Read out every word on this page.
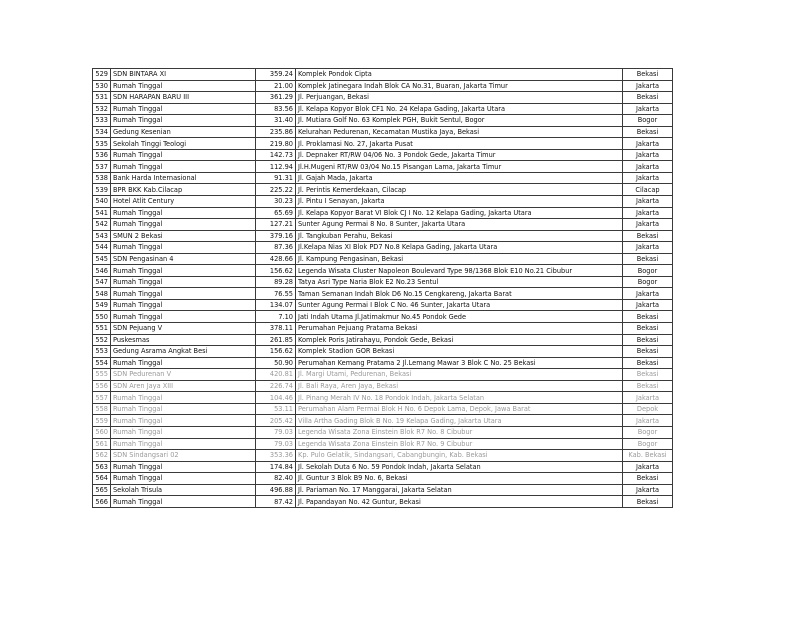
529	SDN BINTARA XI	359.24	Komplek Pondok Cipta	Bekasi
530	Rumah Tinggal	21.00	Komplek Jatinegara Indah Blok CA No.31, Buaran, Jakarta Timur	Jakarta
531	SDN HARAPAN BARU III	361.29	Jl. Perjuangan, Bekasi	Bekasi
532	Rumah Tinggal	83.56	Jl. Kelapa Kopyor Blok CF1 No. 24 Kelapa Gading, Jakarta Utara	Jakarta
533	Rumah Tinggal	31.40	Jl. Mutiara Golf No. 63 Komplek PGH, Bukit Sentul, Bogor	Bogor
534	Gedung Kesenian	235.86	Kelurahan Pedurenan, Kecamatan Mustika Jaya, Bekasi	Bekasi
535	Sekolah Tinggi Teologi	219.80	Jl. Proklamasi No. 27, Jakarta Pusat	Jakarta
536	Rumah Tinggal	142.73	Jl. Depnaker RT/RW 04/06 No. 3 Pondok Gede, Jakarta Timur	Jakarta
537	Rumah Tinggal	112.94	Jl.H.Mugeni RT/RW 03/04 No.15 Pisangan Lama, Jakarta Timur	Jakarta
538	Bank Harda Internasional	91.31	Jl. Gajah Mada, Jakarta	Jakarta
539	BPR BKK Kab.Cilacap	225.22	Jl. Perintis Kemerdekaan, Cilacap	Cilacap
540	Hotel Atlit Century	30.23	Jl. Pintu I Senayan, Jakarta	Jakarta
541	Rumah Tinggal	65.69	Jl. Kelapa Kopyor Barat VI Blok CJ I No. 12 Kelapa Gading, Jakarta Utara	Jakarta
542	Rumah Tinggal	127.21	Sunter Agung Permai 8 No. 8 Sunter, Jakarta Utara	Jakarta
543	SMUN 2 Bekasi	379.16	Jl. Tangkuban Perahu, Bekasi	Bekasi
544	Rumah Tinggal	87.36	Jl.Kelapa Nias XI Blok PD7 No.8 Kelapa Gading, Jakarta Utara	Jakarta
545	SDN Pengasinan 4	428.66	Jl. Kampung Pengasinan, Bekasi	Bekasi
546	Rumah Tinggal	156.62	Legenda Wisata Cluster Napoleon Boulevard Type 98/1368 Blok E10 No.21 Cibubur	Bogor
547	Rumah Tinggal	89.28	Tatya Asri Type Naria Blok E2 No.23 Sentul	Bogor
548	Rumah Tinggal	76.55	Taman Semanan Indah Blok D6 No.15 Cengkareng, Jakarta Barat	Jakarta
549	Rumah Tinggal	134.07	Sunter Agung Permai I Blok C No. 46 Sunter, Jakarta Utara	Jakarta
550	Rumah Tinggal	7.10	Jati Indah Utama Jl.Jatimakmur No.45 Pondok Gede	Bekasi
551	SDN Pejuang V	378.11	Perumahan Pejuang Pratama Bekasi	Bekasi
552	Puskesmas	261.85	Komplek Poris Jatirahayu, Pondok Gede, Bekasi	Bekasi
553	Gedung Asrama Angkat Besi	156.62	Komplek Stadion GOR Bekasi	Bekasi
554	Rumah Tinggal	50.90	Perumahan Kemang Pratama 2 Jl.Lemang Mawar 3 Blok C No. 25 Bekasi	Bekasi
555	SDN Pedurenan V	420.81	Jl. Margi Utami, Pedurenan, Bekasi	Bekasi
556	SDN Aren Jaya XIII	226.74	Jl. Bali Raya, Aren Jaya, Bekasi	Bekasi
557	Rumah Tinggal	104.46	Jl. Pinang Merah IV No. 18 Pondok Indah, Jakarta Selatan	Jakarta
558	Rumah Tinggal	53.11	Perumahan Alam Permai Blok H No. 6 Depok Lama, Depok, Jawa Barat	Depok
559	Rumah Tinggal	205.42	Villa Artha Gading Blok B No. 19 Kelapa Gading, Jakarta Utara	Jakarta
560	Rumah Tinggal	79.03	Legenda Wisata Zona Einstein Blok R7 No. 8 Cibubur	Bogor
561	Rumah Tinggal	79.03	Legenda Wisata Zona Einstein Blok R7 No. 9 Cibubur	Bogor
562	SDN Sindangsari 02	353.36	Kp. Pulo Gelatik, Sindangsari, Cabangbungin, Kab. Bekasi	Kab. Bekasi
563	Rumah Tinggal	174.84	Jl. Sekolah Duta 6 No. 59 Pondok Indah, Jakarta Selatan	Jakarta
564	Rumah Tinggal	82.40	Jl. Guntur 3 Blok B9 No. 6, Bekasi	Bekasi
565	Sekolah Trisula	496.88	Jl. Pariaman No. 17 Manggarai, Jakarta Selatan	Jakarta
566	Rumah Tinggal	87.42	Jl. Papandayan No. 42 Guntur, Bekasi	Bekasi
